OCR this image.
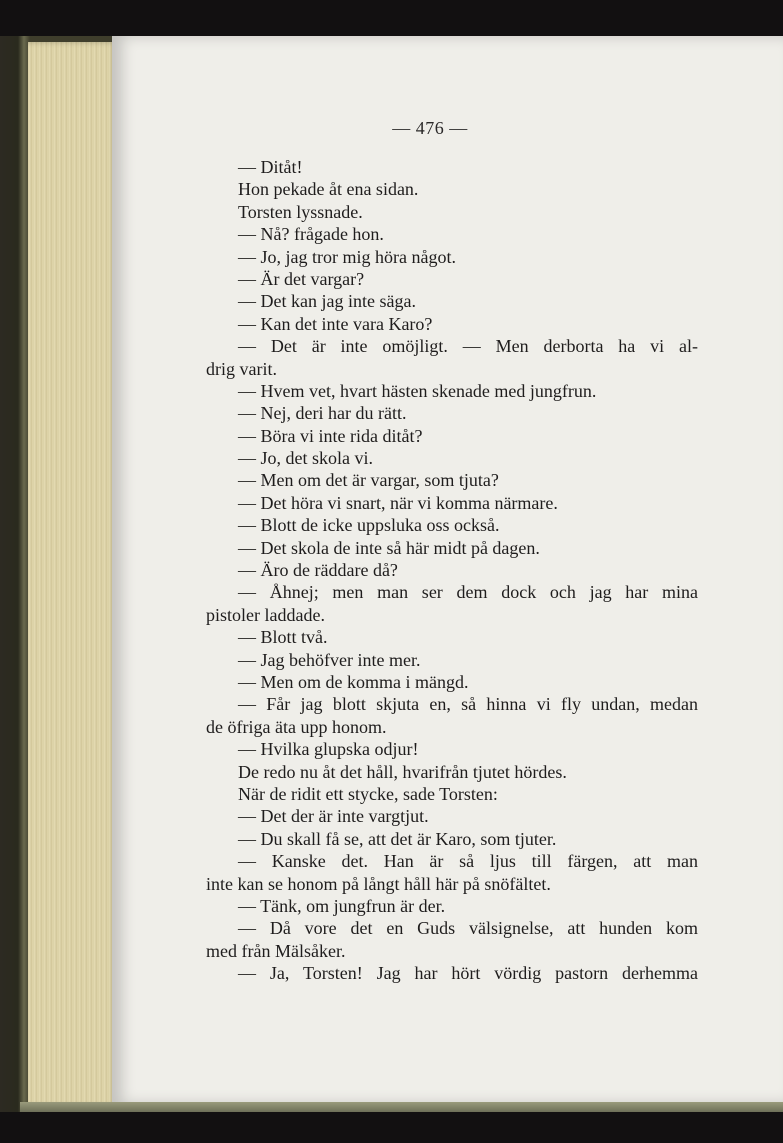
— 476 —
— Ditåt!
Hon pekade åt ena sidan.
Torsten lyssnade.
— Nå? frågade hon.
— Jo, jag tror mig höra något.
— Är det vargar?
— Det kan jag inte säga.
— Kan det inte vara Karo?
— Det är inte omöjligt. — Men derborta ha vi al-
drig varit.
— Hvem vet, hvart hästen skenade med jungfrun.
— Nej, deri har du rätt.
— Böra vi inte rida ditåt?
— Jo, det skola vi.
— Men om det är vargar, som tjuta?
— Det höra vi snart, när vi komma närmare.
— Blott de icke uppsluka oss också.
— Det skola de inte så här midt på dagen.
— Äro de räddare då?
— Åhnej; men man ser dem dock och jag har mina
pistoler laddade.
— Blott två.
— Jag behöfver inte mer.
— Men om de komma i mängd.
— Får jag blott skjuta en, så hinna vi fly undan, medan
de öfriga äta upp honom.
— Hvilka glupska odjur!
De redo nu åt det håll, hvarifrån tjutet hördes.
När de ridit ett stycke, sade Torsten:
— Det der är inte vargtjut.
— Du skall få se, att det är Karo, som tjuter.
— Kanske det. Han är så ljus till färgen, att man
inte kan se honom på långt håll här på snöfältet.
— Tänk, om jungfrun är der.
— Då vore det en Guds välsignelse, att hunden kom
med från Mälsåker.
— Ja, Torsten! Jag har hört vördig pastorn derhemma
